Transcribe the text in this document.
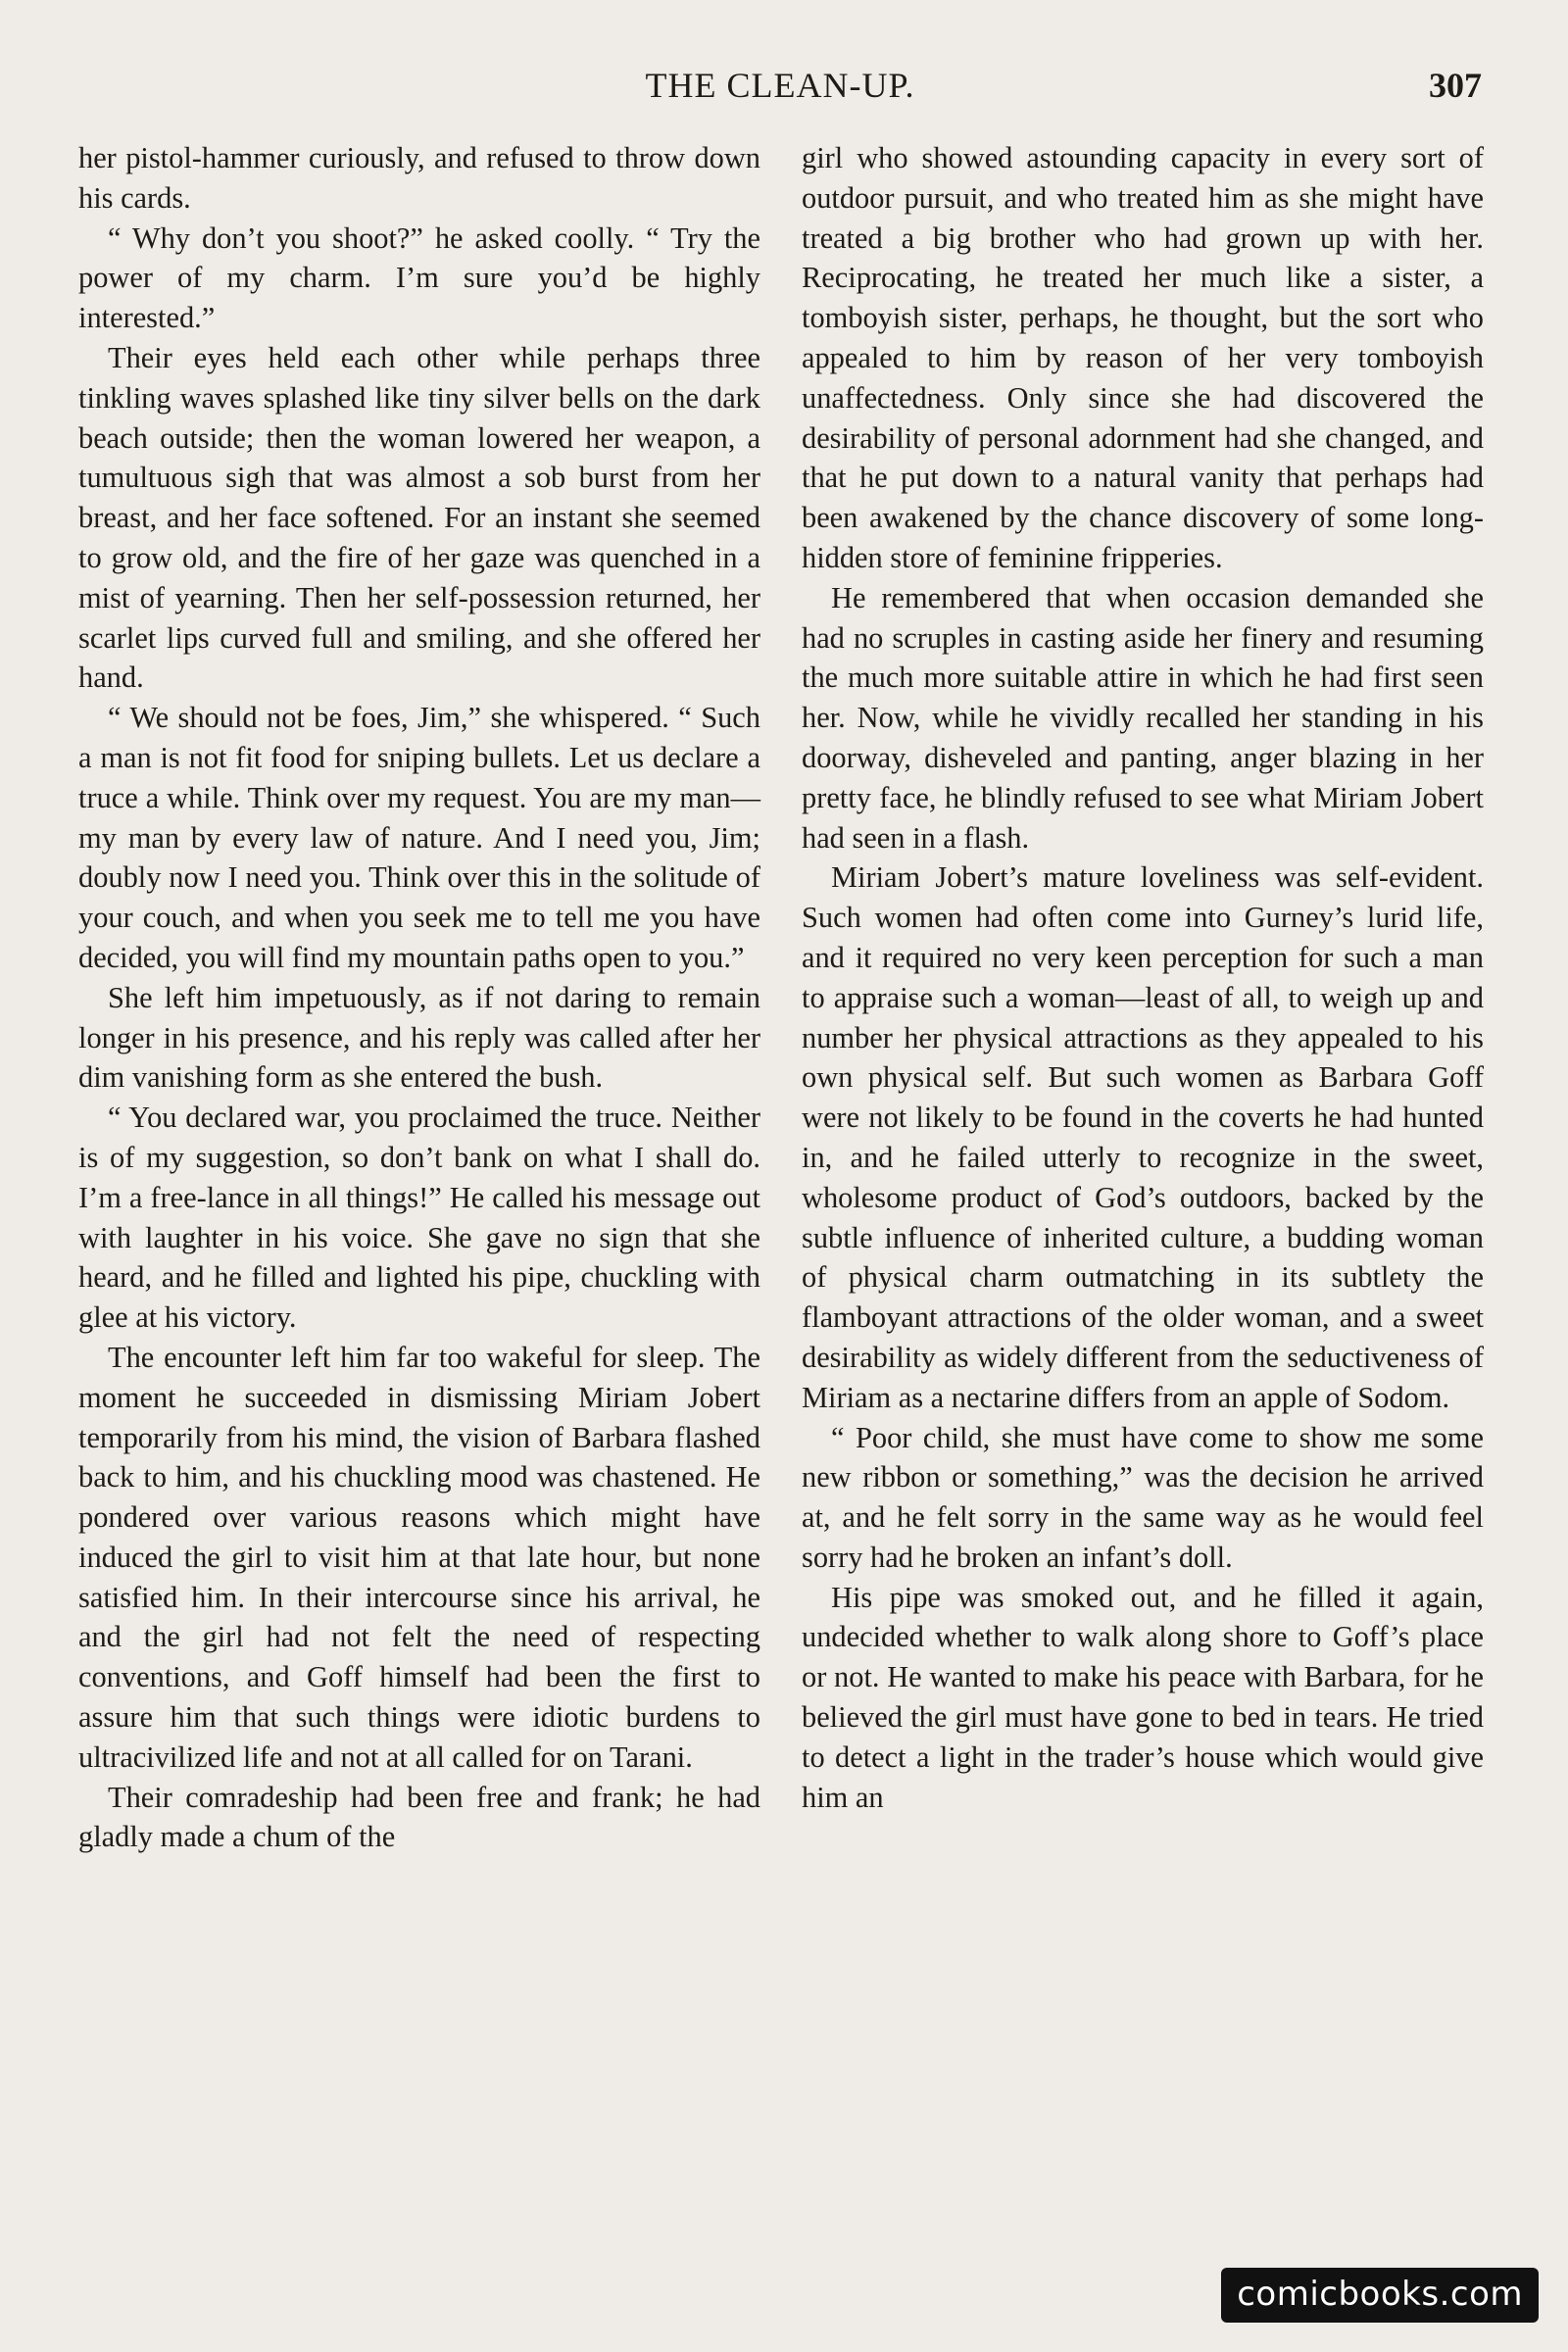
THE CLEAN-UP.	307

her pistol-hammer curiously, and refused to throw down his cards.

“ Why don’t you shoot?” he asked coolly. “ Try the power of my charm. I’m sure you’d be highly interested.”

Their eyes held each other while perhaps three tinkling waves splashed like tiny silver bells on the dark beach outside; then the woman lowered her weapon, a tumultuous sigh that was almost a sob burst from her breast, and her face softened. For an instant she seemed to grow old, and the fire of her gaze was quenched in a mist of yearning. Then her self-possession returned, her scarlet lips curved full and smiling, and she offered her hand.

“ We should not be foes, Jim,” she whispered. “ Such a man is not fit food for sniping bullets. Let us declare a truce a while. Think over my request. You are my man—my man by every law of nature. And I need you, Jim; doubly now I need you. Think over this in the solitude of your couch, and when you seek me to tell me you have decided, you will find my mountain paths open to you.”

She left him impetuously, as if not daring to remain longer in his presence, and his reply was called after her dim vanishing form as she entered the bush.

“ You declared war, you proclaimed the truce. Neither is of my suggestion, so don’t bank on what I shall do. I’m a free-lance in all things!” He called his message out with laughter in his voice. She gave no sign that she heard, and he filled and lighted his pipe, chuckling with glee at his victory.

The encounter left him far too wakeful for sleep. The moment he succeeded in dismissing Miriam Jobert temporarily from his mind, the vision of Barbara flashed back to him, and his chuckling mood was chastened. He pondered over various reasons which might have induced the girl to visit him at that late hour, but none satisfied him. In their intercourse since his arrival, he and the girl had not felt the need of respecting conventions, and Goff himself had been the first to assure him that such things were idiotic burdens to ultracivilized life and not at all called for on Tarani.

Their comradeship had been free and frank; he had gladly made a chum of the

girl who showed astounding capacity in every sort of outdoor pursuit, and who treated him as she might have treated a big brother who had grown up with her. Reciprocating, he treated her much like a sister, a tomboyish sister, perhaps, he thought, but the sort who appealed to him by reason of her very tomboyish unaffectedness. Only since she had discovered the desirability of personal adornment had she changed, and that he put down to a natural vanity that perhaps had been awakened by the chance discovery of some long-hidden store of feminine fripperies.

He remembered that when occasion demanded she had no scruples in casting aside her finery and resuming the much more suitable attire in which he had first seen her. Now, while he vividly recalled her standing in his doorway, disheveled and panting, anger blazing in her pretty face, he blindly refused to see what Miriam Jobert had seen in a flash.

Miriam Jobert’s mature loveliness was self-evident. Such women had often come into Gurney’s lurid life, and it required no very keen perception for such a man to appraise such a woman—least of all, to weigh up and number her physical attractions as they appealed to his own physical self. But such women as Barbara Goff were not likely to be found in the coverts he had hunted in, and he failed utterly to recognize in the sweet, wholesome product of God’s outdoors, backed by the subtle influence of inherited culture, a budding woman of physical charm outmatching in its subtlety the flamboyant attractions of the older woman, and a sweet desirability as widely different from the seductiveness of Miriam as a nectarine differs from an apple of Sodom.

“ Poor child, she must have come to show me some new ribbon or something,” was the decision he arrived at, and he felt sorry in the same way as he would feel sorry had he broken an infant’s doll.

His pipe was smoked out, and he filled it again, undecided whether to walk along shore to Goff’s place or not. He wanted to make his peace with Barbara, for he believed the girl must have gone to bed in tears. He tried to detect a light in the trader’s house which would give him an

comicbooks.com
